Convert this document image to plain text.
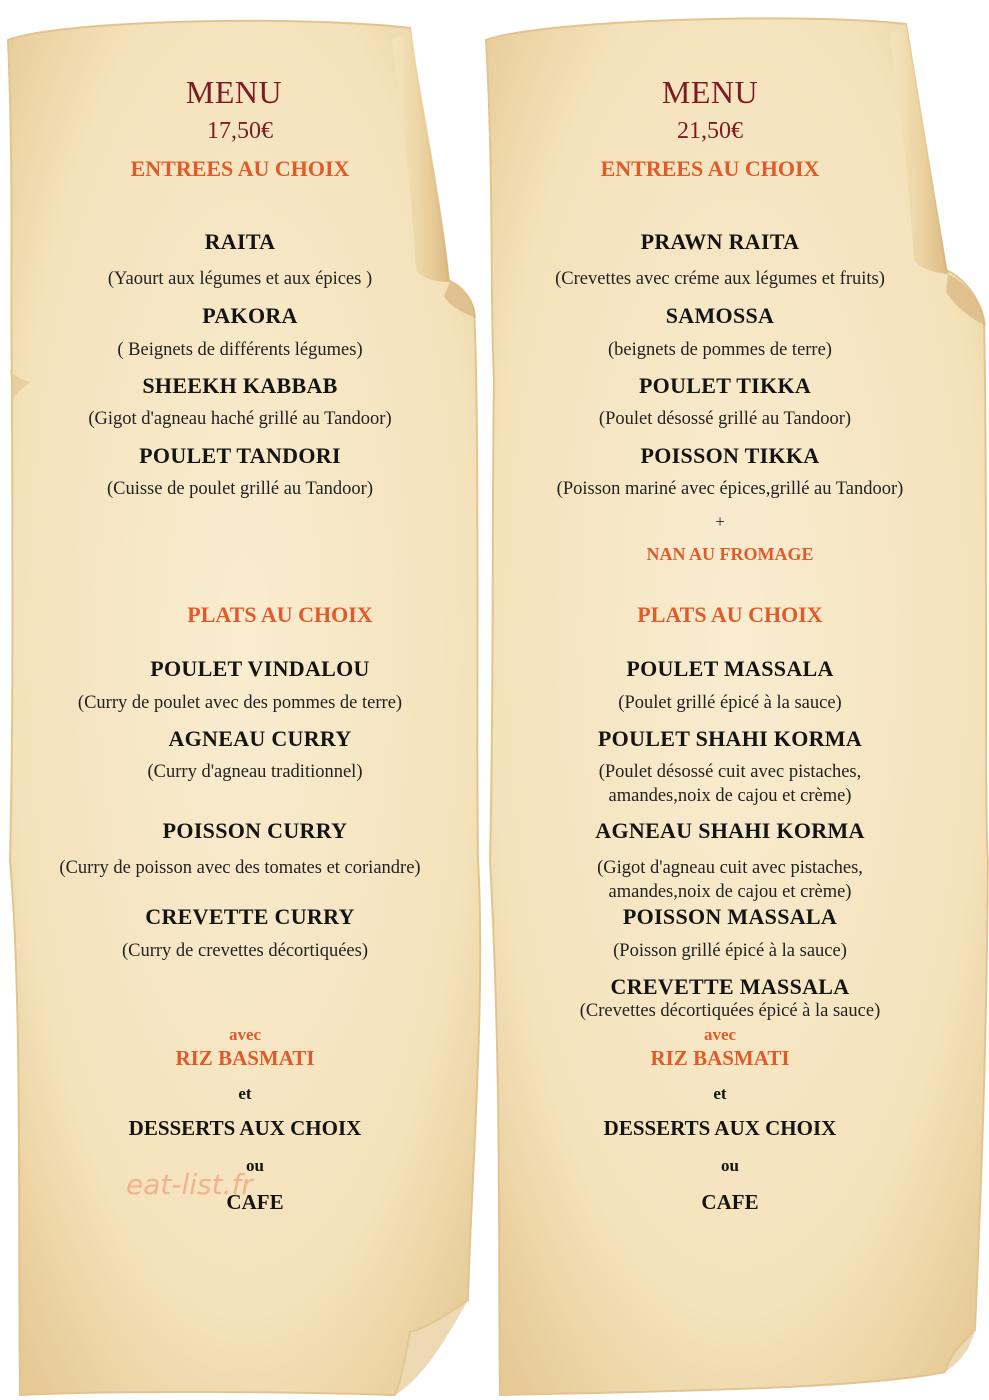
MENU
17,50€
ENTREES AU CHOIX
RAITA
(Yaourt aux légumes et aux épices )
PAKORA
( Beignets de différents légumes)
SHEEKH KABBAB
(Gigot d'agneau haché grillé au Tandoor)
POULET TANDORI
(Cuisse de poulet grillé au Tandoor)
PLATS AU CHOIX
POULET VINDALOU
(Curry de poulet avec des pommes de terre)
AGNEAU CURRY
(Curry d'agneau traditionnel)
POISSON CURRY
(Curry de poisson avec des tomates et coriandre)
CREVETTE CURRY
(Curry de crevettes décortiquées)
avec
RIZ BASMATI
et
DESSERTS AUX CHOIX
ou
CAFE
MENU
21,50€
ENTREES AU CHOIX
PRAWN RAITA
(Crevettes avec créme aux légumes et fruits)
SAMOSSA
(beignets de pommes de terre)
POULET TIKKA
(Poulet désossé grillé au Tandoor)
POISSON TIKKA
(Poisson mariné avec épices,grillé au Tandoor)
+
NAN AU FROMAGE
PLATS AU CHOIX
POULET MASSALA
(Poulet grillé épicé à la sauce)
POULET SHAHI KORMA
(Poulet désossé cuit avec pistaches,
amandes,noix de cajou et crème)
AGNEAU SHAHI KORMA
(Gigot d'agneau cuit avec pistaches,
amandes,noix de cajou et crème)
POISSON MASSALA
(Poisson grillé épicé à la sauce)
CREVETTE MASSALA
(Crevettes décortiquées épicé à la sauce)
avec
RIZ BASMATI
et
DESSERTS AUX CHOIX
ou
CAFE
eat-list.fr
